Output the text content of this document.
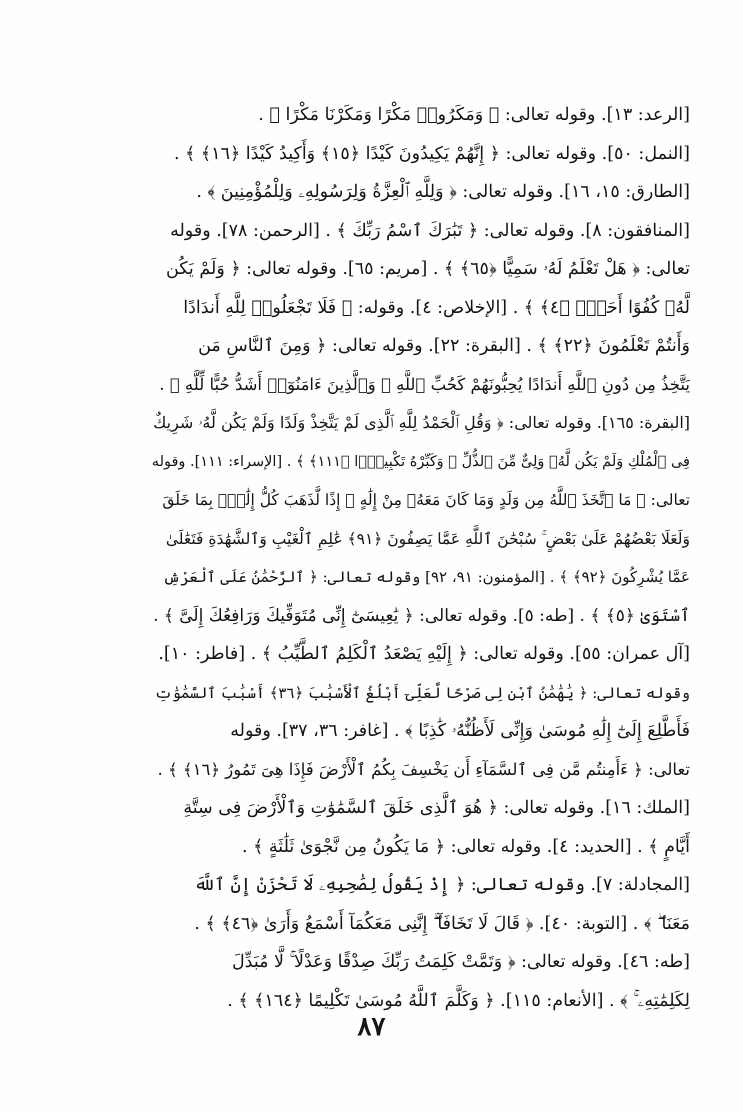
[الرعد: ١٣]. وقوله تعالى: ﴿ وَمَكَرُوا۟ مَكْرًا وَمَكَرْنَا مَكْرًا ﴾ .
[النمل: ٥٠]. وقوله تعالى: ﴿ إِنَّهُمْ يَكِيدُونَ كَيْدًا ﴿١٥﴾ وَأَكِيدُ كَيْدًا ﴿١٦﴾ ﴾ .
[الطارق: ١٥، ١٦]. وقوله تعالى: ﴿ وَلِلَّهِ ٱلْعِزَّةُ وَلِرَسُولِهِۦ وَلِلْمُؤْمِنِينَ ﴾ .
[المنافقون: ٨]. وقوله تعالى: ﴿ تَبَٰرَكَ ٱسْمُ رَبِّكَ ﴾ . [الرحمن: ٧٨]. وقوله
تعالى: ﴿ هَلْ تَعْلَمُ لَهُۥ سَمِيًّا ﴿٦٥﴾ ﴾ . [مريم: ٦٥]. وقوله تعالى: ﴿ وَلَمْ يَكُن
لَّهُۥ كُفُوًا أَحَدٌۢ ﴿٤﴾ ﴾ . [الإخلاص: ٤]. وقوله: ﴿ فَلَا تَجْعَلُوا۟ لِلَّهِ أَندَادًا
وَأَنتُمْ تَعْلَمُونَ ﴿٢٢﴾ ﴾ . [البقرة: ٢٢]. وقوله تعالى: ﴿ وَمِنَ ٱلنَّاسِ مَن
يَتَّخِذُ مِن دُونِ ٱللَّهِ أَندَادًا يُحِبُّونَهُمْ كَحُبِّ ٱللَّهِ ۖ وَٱلَّذِينَ ءَامَنُوٓا۟ أَشَدُّ حُبًّا لِّلَّهِ ﴾ .
[البقرة: ١٦٥]. وقوله تعالى: ﴿ وَقُلِ ٱلْحَمْدُ لِلَّهِ ٱلَّذِى لَمْ يَتَّخِذْ وَلَدًا وَلَمْ يَكُن لَّهُۥ شَرِيكٌ
فِى ٱلْمُلْكِ وَلَمْ يَكُن لَّهُۥ وَلِىٌّ مِّنَ ٱلذُّلِّ ۖ وَكَبِّرْهُ تَكْبِيرًۢا ﴿١١١﴾ ﴾ . [الإسراء: ١١١]. وقوله
تعالى: ﴿ مَا ٱتَّخَذَ ٱللَّهُ مِن وَلَدٍ وَمَا كَانَ مَعَهُۥ مِنْ إِلَٰهٍ ۚ إِذًا لَّذَهَبَ كُلُّ إِلَٰهٍۭ بِمَا خَلَقَ
وَلَعَلَا بَعْضُهُمْ عَلَىٰ بَعْضٍ ۚ سُبْحَٰنَ ٱللَّهِ عَمَّا يَصِفُونَ ﴿٩١﴾ عَٰلِمِ ٱلْغَيْبِ وَٱلشَّهَٰدَةِ فَتَعَٰلَىٰ
عَمَّا يُشْرِكُونَ ﴿٩٢﴾ ﴾ . [المؤمنون: ٩١، ٩٢] وقوله تعالى: ﴿ ٱلرَّحْمَٰنُ عَلَى ٱلْعَرْشِ
ٱسْتَوَىٰ ﴿٥﴾ ﴾ . [طه: ٥]. وقوله تعالى: ﴿ يَٰعِيسَىٰٓ إِنِّى مُتَوَفِّيكَ وَرَافِعُكَ إِلَىَّ ﴾ .
[آل عمران: ٥٥]. وقوله تعالى: ﴿ إِلَيْهِ يَصْعَدُ ٱلْكَلِمُ ٱلطَّيِّبُ ﴾ . [فاطر: ١٠].
وقوله تعالى: ﴿ يَٰهَٰمَٰنُ ٱبْنِ لِى صَرْحًا لَّعَلِّىٓ أَبْلُغُ ٱلْأَسْبَٰبَ ﴿٣٦﴾ أَسْبَٰبَ ٱلسَّمَٰوَٰتِ
فَأَطَّلِعَ إِلَىٰٓ إِلَٰهِ مُوسَىٰ وَإِنِّى لَأَظُنُّهُۥ كَٰذِبًا ﴾ . [غافر: ٣٦، ٣٧]. وقوله
تعالى: ﴿ ءَأَمِنتُم مَّن فِى ٱلسَّمَآءِ أَن يَخْسِفَ بِكُمُ ٱلْأَرْضَ فَإِذَا هِىَ تَمُورُ ﴿١٦﴾ ﴾ .
[الملك: ١٦]. وقوله تعالى: ﴿ هُوَ ٱلَّذِى خَلَقَ ٱلسَّمَٰوَٰتِ وَٱلْأَرْضَ فِى سِتَّةِ
أَيَّامٍ ﴾ . [الحديد: ٤]. وقوله تعالى: ﴿ مَا يَكُونُ مِن نَّجْوَىٰ ثَلَٰثَةٍ ﴾ .
[المجادلة: ٧]. وقوله تعالى: ﴿ إِذْ يَقُولُ لِصَٰحِبِهِۦ لَا تَحْزَنْ إِنَّ ٱللَّهَ
مَعَنَا ۖ ﴾ . [التوبة: ٤٠]. ﴿ قَالَ لَا تَخَافَآ ۖ إِنَّنِى مَعَكُمَآ أَسْمَعُ وَأَرَىٰ ﴿٤٦﴾ ﴾ .
[طه: ٤٦]. وقوله تعالى: ﴿ وَتَمَّتْ كَلِمَتُ رَبِّكَ صِدْقًا وَعَدْلًا ۚ لَّا مُبَدِّلَ
لِكَلِمَٰتِهِۦ ۚ ﴾ . [الأنعام: ١١٥]. ﴿ وَكَلَّمَ ٱللَّهُ مُوسَىٰ تَكْلِيمًا ﴿١٦٤﴾ ﴾ .
٨٧
